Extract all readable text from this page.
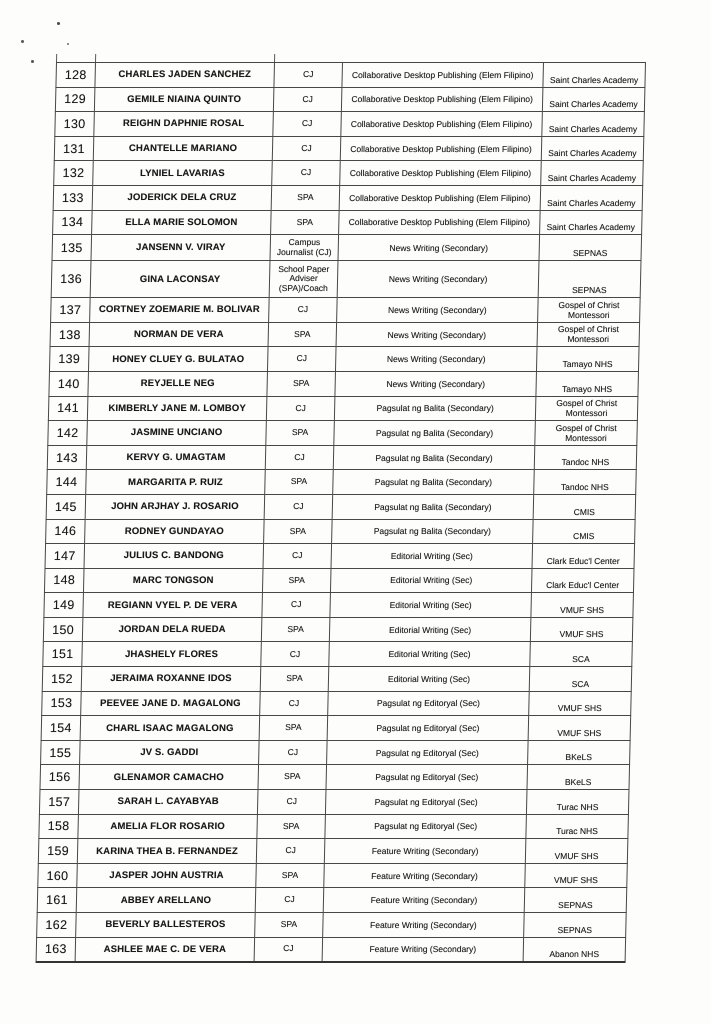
128	CHARLES JADEN SANCHEZ	CJ	Collaborative Desktop Publishing (Elem Filipino)	Saint Charles Academy
129	GEMILE NIAINA QUINTO	CJ	Collaborative Desktop Publishing (Elem Filipino)	Saint Charles Academy
130	REIGHN DAPHNIE ROSAL	CJ	Collaborative Desktop Publishing (Elem Filipino)	Saint Charles Academy
131	CHANTELLE MARIANO	CJ	Collaborative Desktop Publishing (Elem Filipino)	Saint Charles Academy
132	LYNIEL LAVARIAS	CJ	Collaborative Desktop Publishing (Elem Filipino)	Saint Charles Academy
133	JODERICK DELA CRUZ	SPA	Collaborative Desktop Publishing (Elem Filipino)	Saint Charles Academy
134	ELLA MARIE SOLOMON	SPA	Collaborative Desktop Publishing (Elem Filipino)	Saint Charles Academy
135	JANSENN V. VIRAY	Campus Journalist (CJ)	News Writing (Secondary)	SEPNAS
136	GINA LACONSAY	School Paper Adviser (SPA)/Coach	News Writing (Secondary)	SEPNAS
137	CORTNEY ZOEMARIE M. BOLIVAR	CJ	News Writing (Secondary)	Gospel of Christ Montessori
138	NORMAN DE VERA	SPA	News Writing (Secondary)	Gospel of Christ Montessori
139	HONEY CLUEY G. BULATAO	CJ	News Writing (Secondary)	Tamayo NHS
140	REYJELLE NEG	SPA	News Writing (Secondary)	Tamayo NHS
141	KIMBERLY JANE M. LOMBOY	CJ	Pagsulat ng Balita (Secondary)	Gospel of Christ Montessori
142	JASMINE UNCIANO	SPA	Pagsulat ng Balita (Secondary)	Gospel of Christ Montessori
143	KERVY G. UMAGTAM	CJ	Pagsulat ng Balita (Secondary)	Tandoc NHS
144	MARGARITA P. RUIZ	SPA	Pagsulat ng Balita (Secondary)	Tandoc NHS
145	JOHN ARJHAY J. ROSARIO	CJ	Pagsulat ng Balita (Secondary)	CMIS
146	RODNEY GUNDAYAO	SPA	Pagsulat ng Balita (Secondary)	CMIS
147	JULIUS C. BANDONG	CJ	Editorial Writing (Sec)	Clark Educ'l Center
148	MARC TONGSON	SPA	Editorial Writing (Sec)	Clark Educ'l Center
149	REGIANN VYEL P. DE VERA	CJ	Editorial Writing (Sec)	VMUF SHS
150	JORDAN DELA RUEDA	SPA	Editorial Writing (Sec)	VMUF SHS
151	JHASHELY FLORES	CJ	Editorial Writing (Sec)	SCA
152	JERAIMA ROXANNE IDOS	SPA	Editorial Writing (Sec)	SCA
153	PEEVEE JANE D. MAGALONG	CJ	Pagsulat ng Editoryal (Sec)	VMUF SHS
154	CHARL ISAAC MAGALONG	SPA	Pagsulat ng Editoryal (Sec)	VMUF SHS
155	JV S. GADDI	CJ	Pagsulat ng Editoryal (Sec)	BKeLS
156	GLENAMOR CAMACHO	SPA	Pagsulat ng Editoryal (Sec)	BKeLS
157	SARAH L. CAYABYAB	CJ	Pagsulat ng Editoryal (Sec)	Turac NHS
158	AMELIA FLOR ROSARIO	SPA	Pagsulat ng Editoryal (Sec)	Turac NHS
159	KARINA THEA B. FERNANDEZ	CJ	Feature Writing (Secondary)	VMUF SHS
160	JASPER JOHN AUSTRIA	SPA	Feature Writing (Secondary)	VMUF SHS
161	ABBEY ARELLANO	CJ	Feature Writing (Secondary)	SEPNAS
162	BEVERLY BALLESTEROS	SPA	Feature Writing (Secondary)	SEPNAS
163	ASHLEE MAE C. DE VERA	CJ	Feature Writing (Secondary)	Abanon NHS
